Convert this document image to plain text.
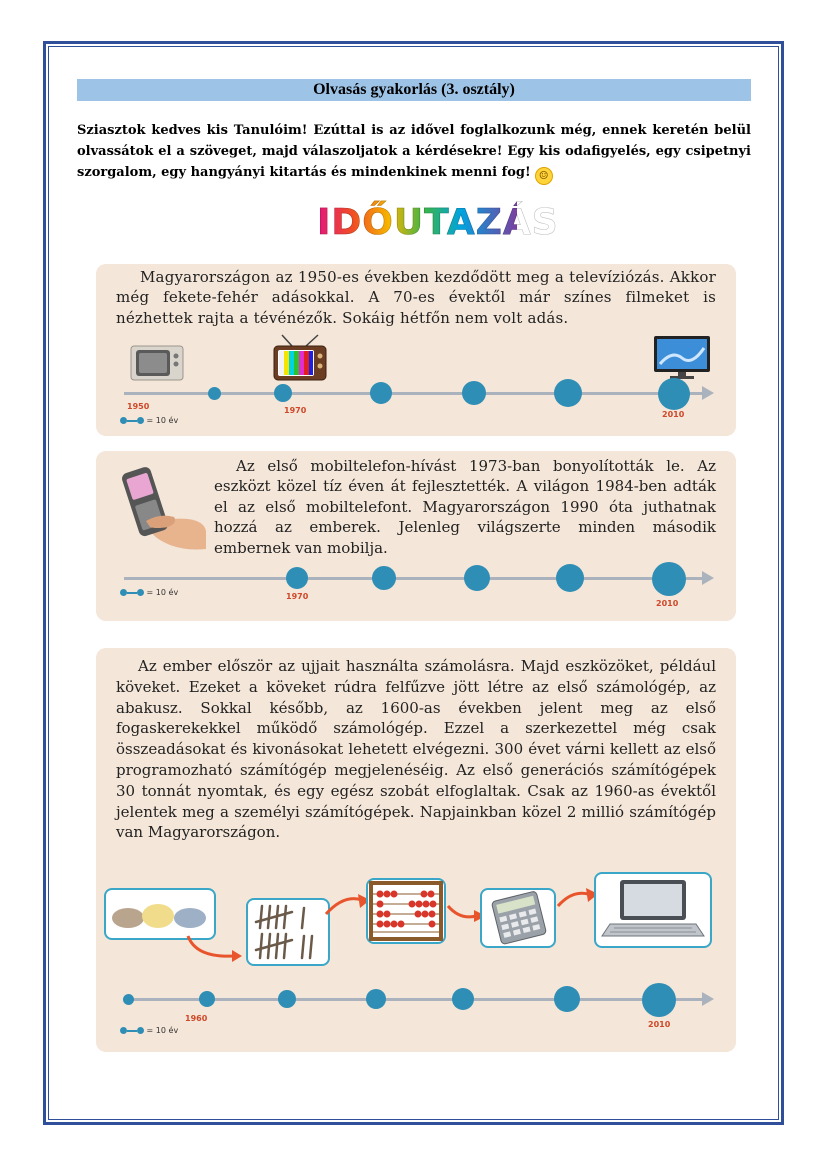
Olvasás gyakorlás (3. osztály)
Sziasztok kedves kis Tanulóim! Ezúttal is az idővel foglalkozunk még, ennek keretén belül olvassátok el a szöveget, majd válaszoljatok a kérdésekre! Egy kis odafigyelés, egy csipetnyi szorgalom, egy hangyányi kitartás és mindenkinek menni fog! ☺
IDŐUTAZÁS
Magyarországon az 1950-es években kezdődött meg a televíziózás. Akkor még fekete-fehér adásokkal. A 70-es évektől már színes filmeket is nézhettek rajta a tévénézők. Sokáig hétfőn nem volt adás.
1950	1970	2010
= 10 év
Az első mobiltelefon-hívást 1973-ban bonyolították le. Az eszközt közel tíz éven át fejlesztették. A világon 1984-ben adták el az első mobiltelefont. Magyarországon 1990 óta juthatnak hozzá az emberek. Jelenleg világszerte minden második embernek van mobilja.
1970
2010
= 10 év
Az ember először az ujjait használta számolásra. Majd eszközöket, például köveket. Ezeket a köveket rúdra felfűzve jött létre az első számológép, az abakusz. Sokkal később, az 1600-as években jelent meg az első fogaskerekekkel működő számológép. Ezzel a szerkezettel még csak összeadásokat és kivonásokat lehetett elvégezni. 300 évet várni kellett az első programozható számítógép megjelenéséig. Az első generációs számítógépek 30 tonnát nyomtak, és egy egész szobát elfoglaltak. Csak az 1960-as évektől jelentek meg a személyi számítógépek. Napjainkban közel 2 millió számítógép van Magyarországon.
1960
2010
= 10 év
